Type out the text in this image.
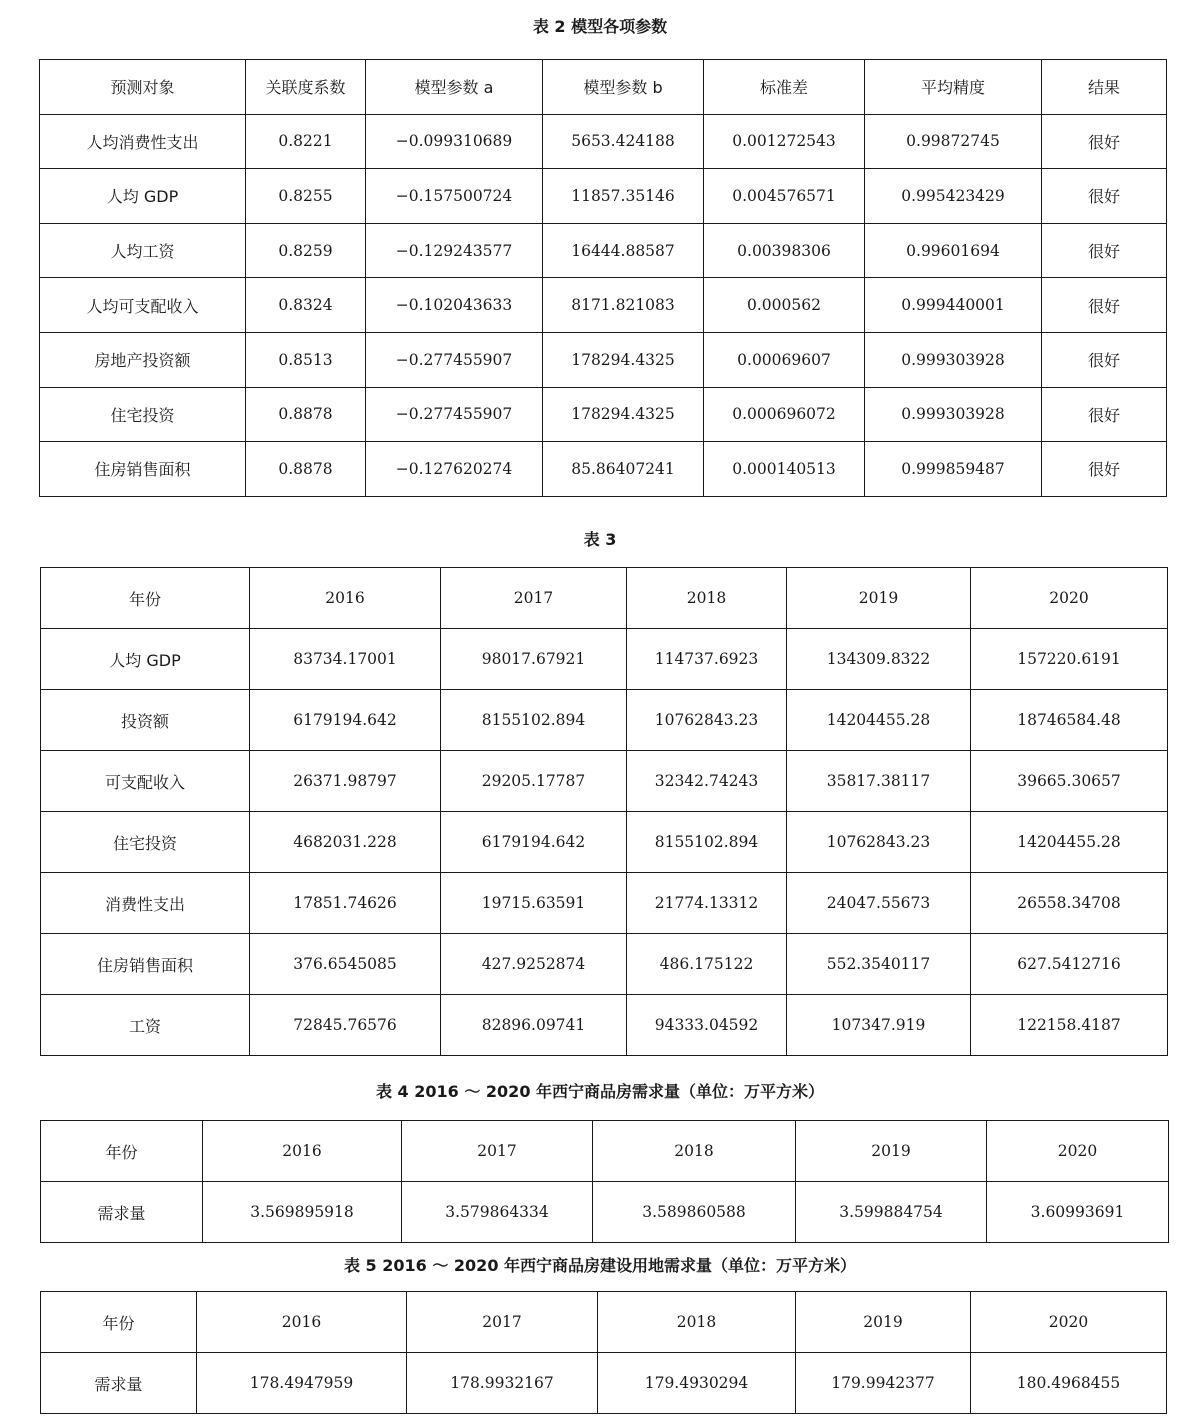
表 2 模型各项参数
预测对象	关联度系数	模型参数 a	模型参数 b	标准差	平均精度	结果
人均消费性支出	0.8221	−0.099310689	5653.424188	0.001272543	0.99872745	很好
人均 GDP	0.8255	−0.157500724	11857.35146	0.004576571	0.995423429	很好
人均工资	0.8259	−0.129243577	16444.88587	0.00398306	0.99601694	很好
人均可支配收入	0.8324	−0.102043633	8171.821083	0.000562	0.999440001	很好
房地产投资额	0.8513	−0.277455907	178294.4325	0.00069607	0.999303928	很好
住宅投资	0.8878	−0.277455907	178294.4325	0.000696072	0.999303928	很好
住房销售面积	0.8878	−0.127620274	85.86407241	0.000140513	0.999859487	很好
表 3
年份	2016	2017	2018	2019	2020
人均 GDP	83734.17001	98017.67921	114737.6923	134309.8322	157220.6191
投资额	6179194.642	8155102.894	10762843.23	14204455.28	18746584.48
可支配收入	26371.98797	29205.17787	32342.74243	35817.38117	39665.30657
住宅投资	4682031.228	6179194.642	8155102.894	10762843.23	14204455.28
消费性支出	17851.74626	19715.63591	21774.13312	24047.55673	26558.34708
住房销售面积	376.6545085	427.9252874	486.175122	552.3540117	627.5412716
工资	72845.76576	82896.09741	94333.04592	107347.919	122158.4187
表 4 2016 ～ 2020 年西宁商品房需求量（单位：万平方米）
年份	2016	2017	2018	2019	2020
需求量	3.569895918	3.579864334	3.589860588	3.599884754	3.60993691
表 5 2016 ～ 2020 年西宁商品房建设用地需求量（单位：万平方米）
年份	2016	2017	2018	2019	2020
需求量	178.4947959	178.9932167	179.4930294	179.9942377	180.4968455
